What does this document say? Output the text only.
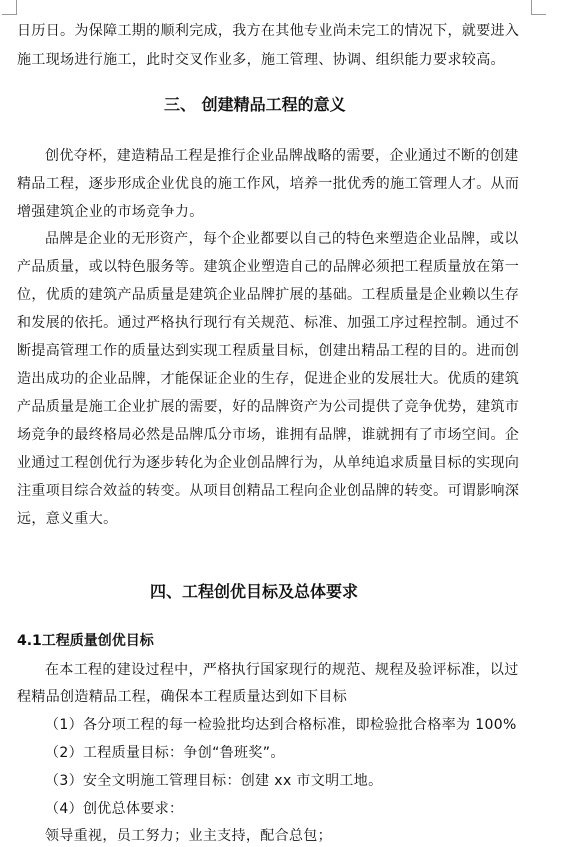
日历日。为保障工期的顺利完成，我方在其他专业尚未完工的情况下，就要进入
施工现场进行施工，此时交叉作业多，施工管理、协调、组织能力要求较高。
三、 创建精品工程的意义
创优夺杯，建造精品工程是推行企业品牌战略的需要，企业通过不断的创建
精品工程，逐步形成企业优良的施工作风，培养一批优秀的施工管理人才。从而
增强建筑企业的市场竞争力。
品牌是企业的无形资产，每个企业都要以自己的特色来塑造企业品牌，或以
产品质量，或以特色服务等。建筑企业塑造自己的品牌必须把工程质量放在第一
位，优质的建筑产品质量是建筑企业品牌扩展的基础。工程质量是企业赖以生存
和发展的依托。通过严格执行现行有关规范、标准、加强工序过程控制。通过不
断提高管理工作的质量达到实现工程质量目标，创建出精品工程的目的。进而创
造出成功的企业品牌，才能保证企业的生存，促进企业的发展壮大。优质的建筑
产品质量是施工企业扩展的需要，好的品牌资产为公司提供了竞争优势，建筑市
场竞争的最终格局必然是品牌瓜分市场，谁拥有品牌，谁就拥有了市场空间。企
业通过工程创优行为逐步转化为企业创品牌行为，从单纯追求质量目标的实现向
注重项目综合效益的转变。从项目创精品工程向企业创品牌的转变。可谓影响深
远，意义重大。
四、工程创优目标及总体要求
4.1工程质量创优目标
在本工程的建设过程中，严格执行国家现行的规范、规程及验评标准，以过
程精品创造精品工程，确保本工程质量达到如下目标
（1）各分项工程的每一检验批均达到合格标准，即检验批合格率为 100%
（2）工程质量目标：争创“鲁班奖”。
（3）安全文明施工管理目标：创建 xx 市文明工地。
（4）创优总体要求：
领导重视，员工努力；业主支持，配合总包；
